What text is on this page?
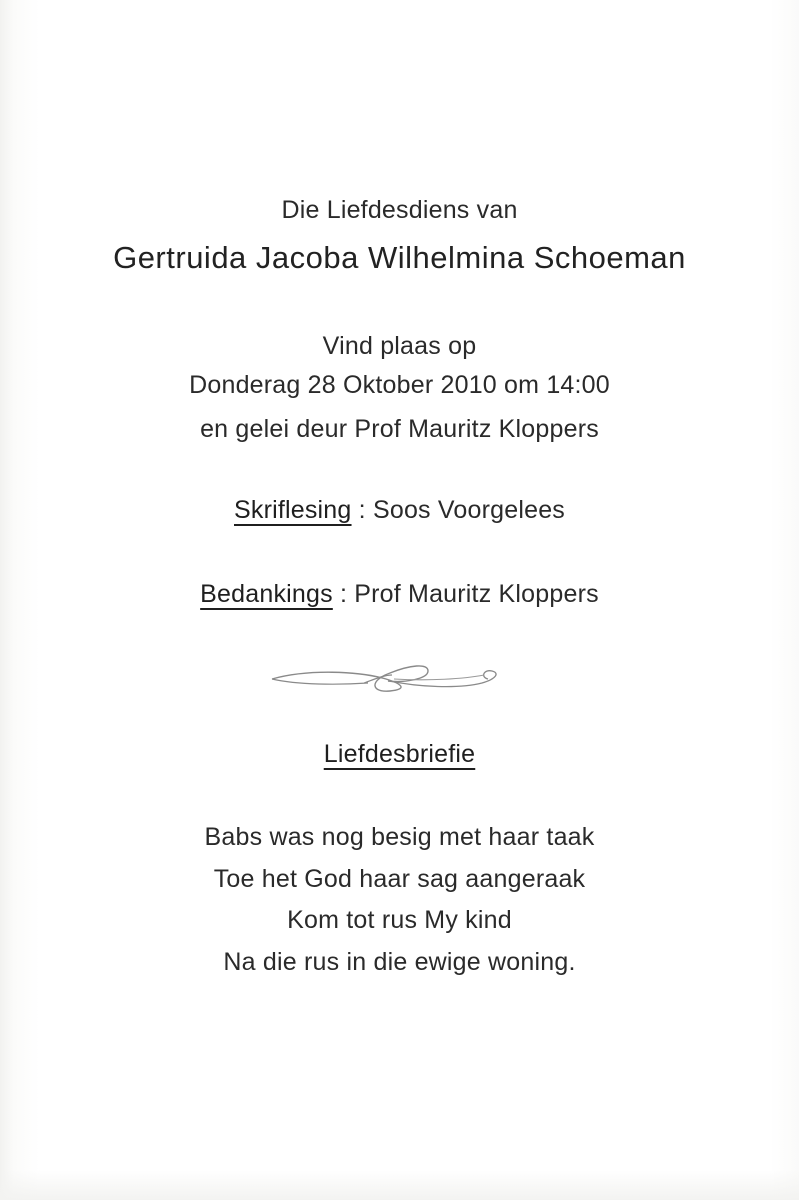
Die Liefdesdiens van
Gertruida Jacoba Wilhelmina Schoeman
Vind plaas op
Donderag 28 Oktober 2010 om 14:00
en gelei deur Prof Mauritz Kloppers
Skriflesing : Soos Voorgelees
Bedankings : Prof Mauritz Kloppers
Liefdesbriefie
Babs was nog besig met haar taak
Toe het God haar sag aangeraak
Kom tot rus My kind
Na die rus in die ewige woning.
